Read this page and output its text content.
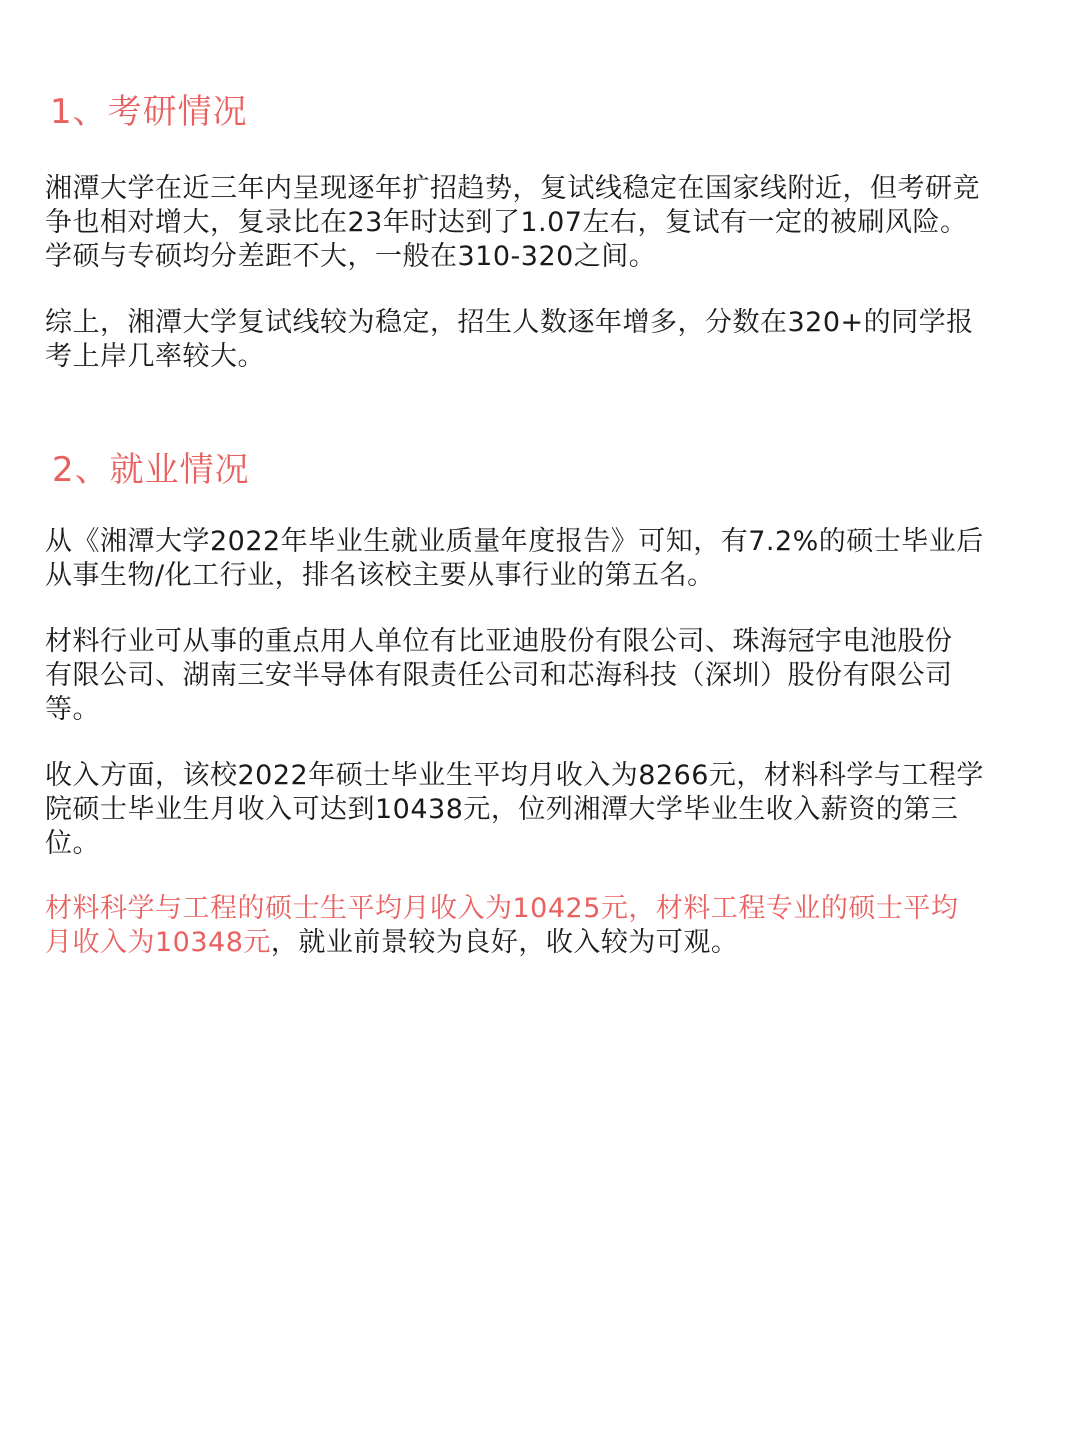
1、考研情况

湘潭大学在近三年内呈现逐年扩招趋势，复试线稳定在国家线附近，但考研竞
争也相对增大，复录比在23年时达到了1.07左右，复试有一定的被刷风险。
学硕与专硕均分差距不大，一般在310-320之间。

综上，湘潭大学复试线较为稳定，招生人数逐年增多，分数在320+的同学报
考上岸几率较大。

2、就业情况

从《湘潭大学2022年毕业生就业质量年度报告》可知，有7.2%的硕士毕业后
从事生物/化工行业，排名该校主要从事行业的第五名。

材料行业可从事的重点用人单位有比亚迪股份有限公司、珠海冠宇电池股份
有限公司、湖南三安半导体有限责任公司和芯海科技（深圳）股份有限公司
等。

收入方面，该校2022年硕士毕业生平均月收入为8266元，材料科学与工程学
院硕士毕业生月收入可达到10438元，位列湘潭大学毕业生收入薪资的第三
位。

材料科学与工程的硕士生平均月收入为10425元，材料工程专业的硕士平均
月收入为10348元，就业前景较为良好，收入较为可观。
